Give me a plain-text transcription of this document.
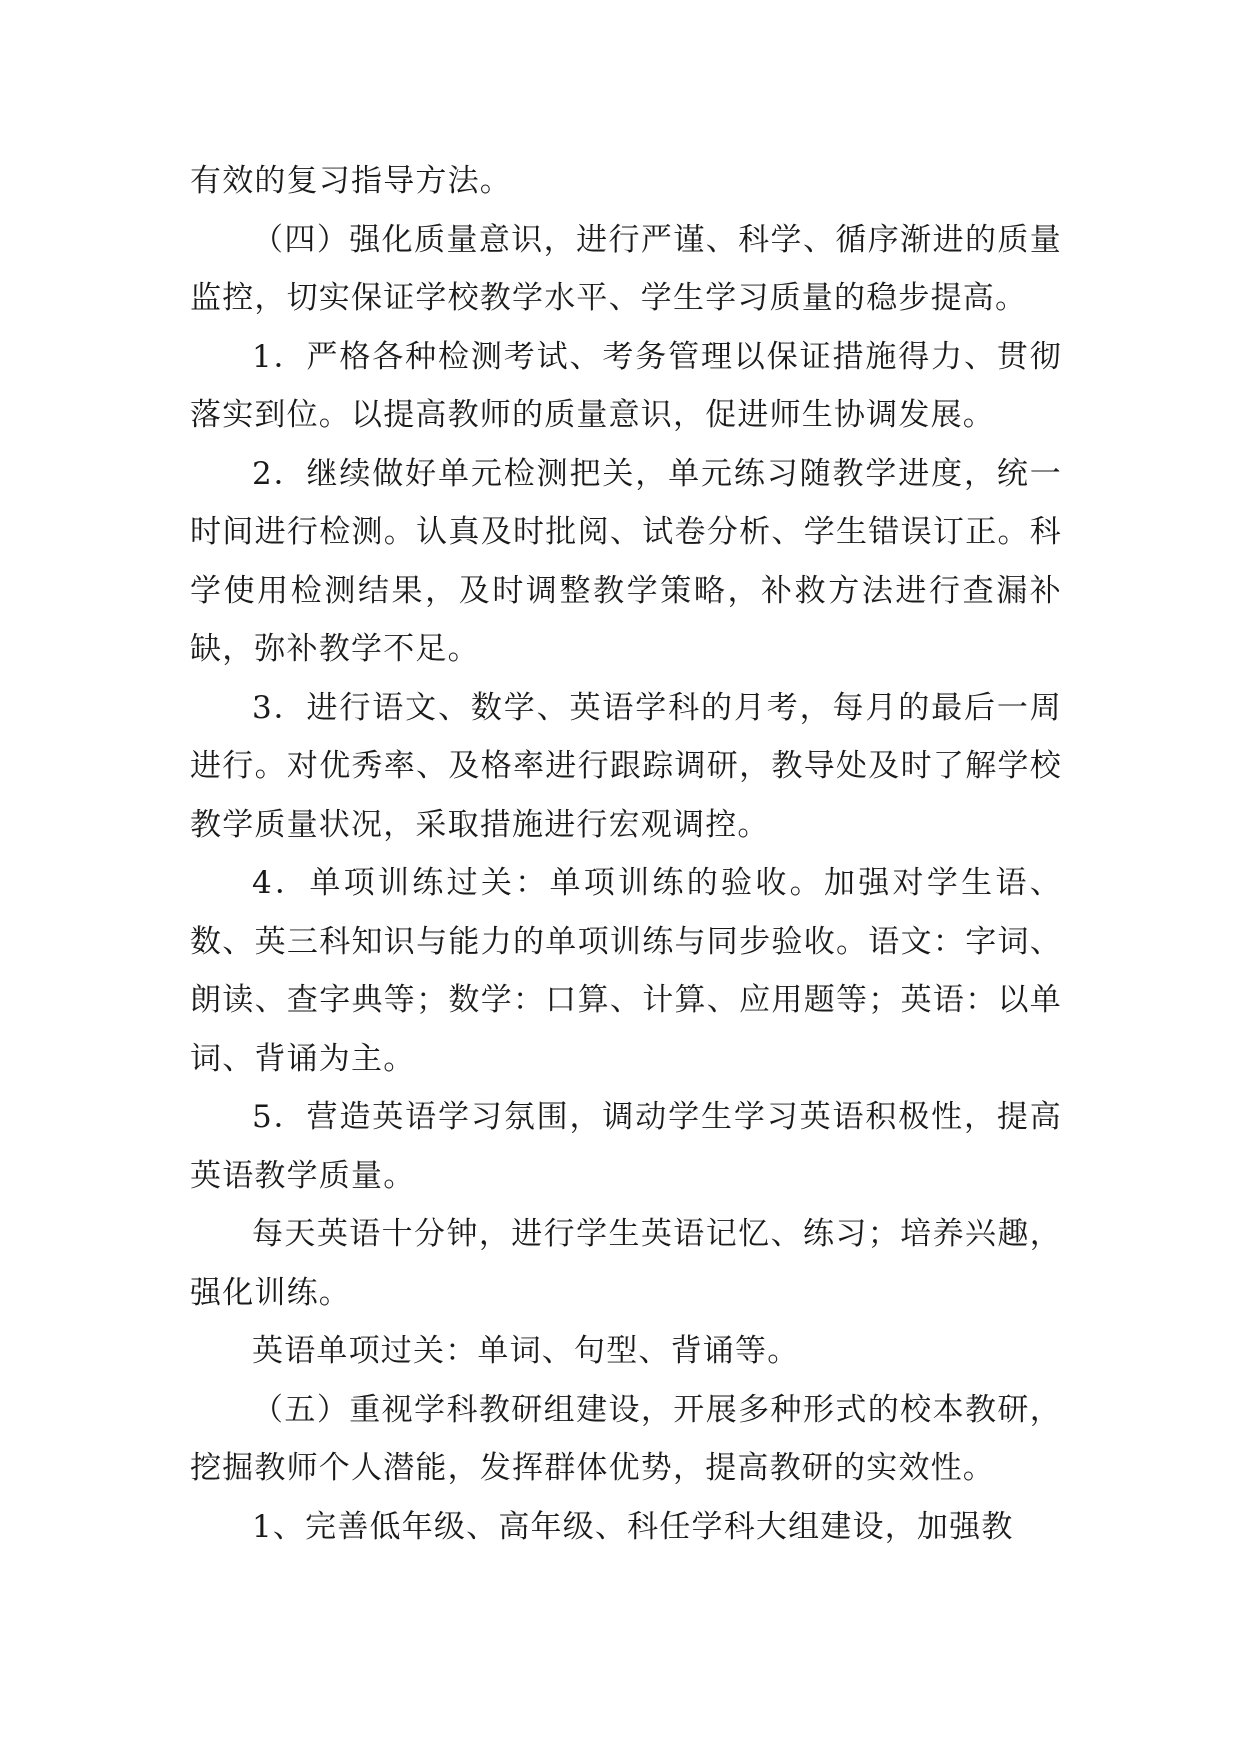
有效的复习指导方法。

（四）强化质量意识，进行严谨、科学、循序渐进的质量监控，切实保证学校教学水平、学生学习质量的稳步提高。

1．严格各种检测考试、考务管理以保证措施得力、贯彻落实到位。以提高教师的质量意识，促进师生协调发展。

2．继续做好单元检测把关，单元练习随教学进度，统一时间进行检测。认真及时批阅、试卷分析、学生错误订正。科学使用检测结果，及时调整教学策略，补救方法进行查漏补缺，弥补教学不足。

3．进行语文、数学、英语学科的月考，每月的最后一周进行。对优秀率、及格率进行跟踪调研，教导处及时了解学校教学质量状况，采取措施进行宏观调控。

4．单项训练过关：单项训练的验收。加强对学生语、数、英三科知识与能力的单项训练与同步验收。语文：字词、朗读、查字典等；数学：口算、计算、应用题等；英语：以单词、背诵为主。

5．营造英语学习氛围，调动学生学习英语积极性，提高英语教学质量。

每天英语十分钟，进行学生英语记忆、练习；培养兴趣，强化训练。

英语单项过关：单词、句型、背诵等。

（五）重视学科教研组建设，开展多种形式的校本教研，挖掘教师个人潜能，发挥群体优势，提高教研的实效性。

1、完善低年级、高年级、科任学科大组建设，加强教
